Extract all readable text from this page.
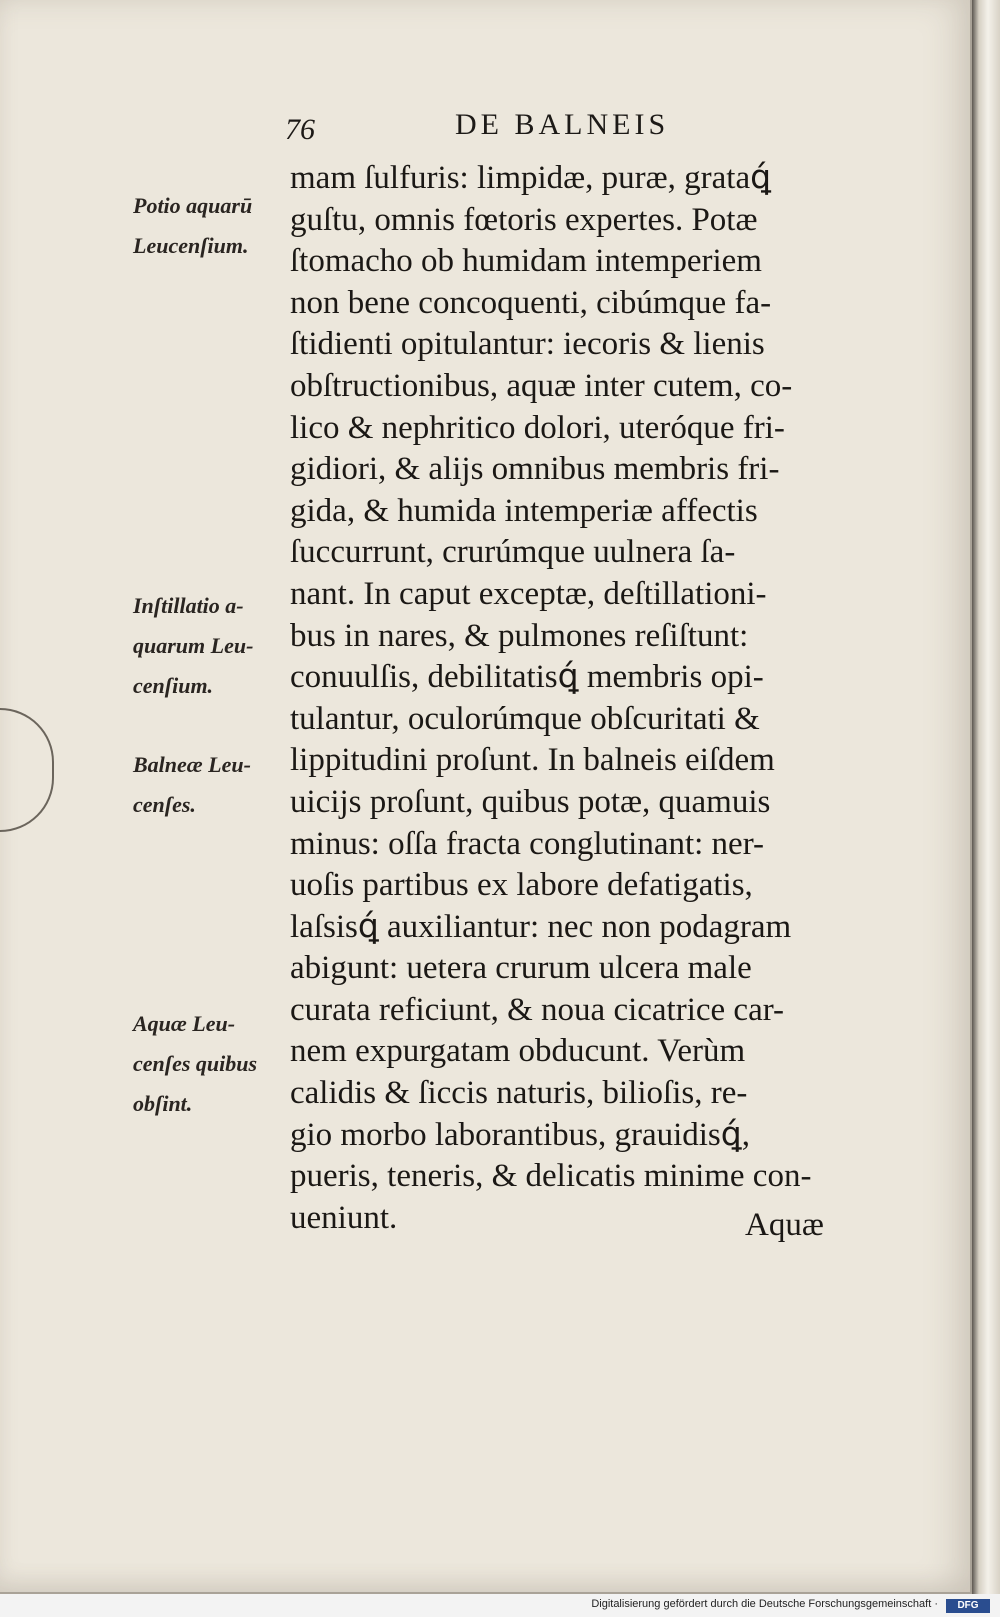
76	DE BALNEIS
Potio aquarū
Leucenſium.
Inſtillatio a-
quarum Leu-
cenſium.
Balneæ Leu-
cenſes.
Aquæ Leu-
cenſes quibus
obſint.
mam ſulfuris: limpidæ, puræ, grataꝗ́
guſtu, omnis fœtoris expertes. Potæ
ſtomacho ob humidam intemperiem
non bene concoquenti, cibúmque fa-
ſtidienti opitulantur: iecoris & lienis
obſtructionibus, aquæ inter cutem, co-
lico & nephritico dolori, uteróque fri-
gidiori, & alijs omnibus membris fri-
gida, & humida intemperiæ affectis
ſuccurrunt, crurúmque uulnera ſa-
nant. In caput exceptæ, deſtillationi-
bus in nares, & pulmones reſiſtunt:
conuulſis, debilitatisꝗ́ membris opi-
tulantur, oculorúmque obſcuritati &
lippitudini proſunt. In balneis eiſdem
uicijs proſunt, quibus potæ, quamuis
minus: oſſa fracta conglutinant: ner-
uoſis partibus ex labore defatigatis,
laſsisꝗ́ auxiliantur: nec non podagram
abigunt: uetera crurum ulcera male
curata reficiunt, & noua cicatrice car-
nem expurgatam obducunt. Verùm
calidis & ſiccis naturis, bilioſis, re-
gio morbo laborantibus, grauidisꝗ́,
pueris, teneris, & delicatis minime con-
ueniunt.	Aquæ
Digitalisierung gefördert durch die Deutsche Forschungsgemeinschaft ·	DFG
